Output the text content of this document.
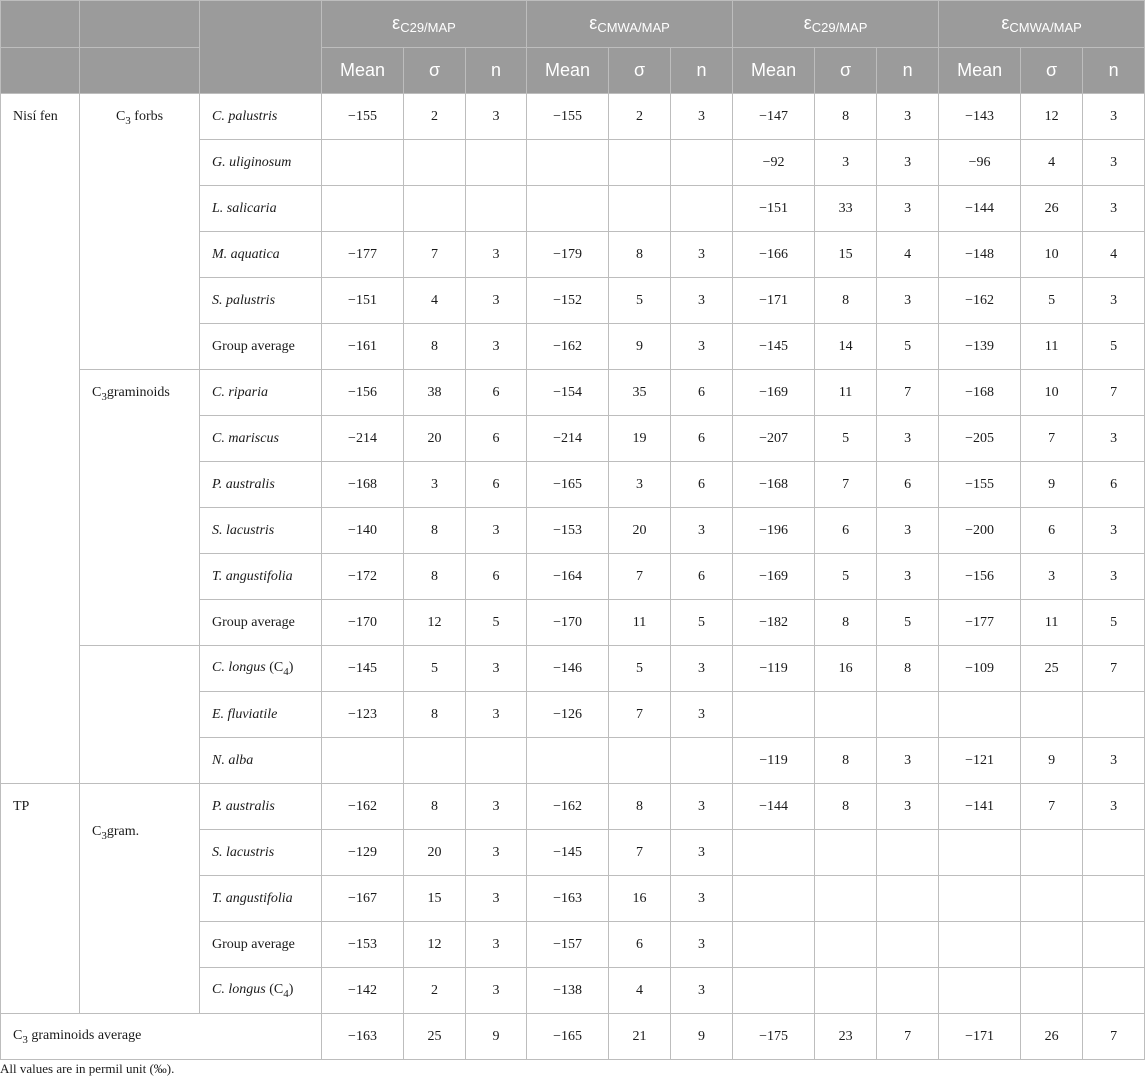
			εC29/MAP			εCMWA/MAP			εC29/MAP			εCMWA/MAP		
			Mean	σ	n	Mean	σ	n	Mean	σ	n	Mean	σ	n
Nisí fen	$C_3$ forbs	C. palustris	−155	2	3	−155	2	3	−147	8	3	−143	12	3
		G. uliginosum							−92	3	3	−96	4	3
		L. salicaria							−151	33	3	−144	26	3
		M. aquatica	−177	7	3	−179	8	3	−166	15	4	−148	10	4
		S. palustris	−151	4	3	−152	5	3	−171	8	3	−162	5	3
		Group average	−161	8	3	−162	9	3	−145	14	5	−139	11	5
	$C_3graminoids$	C. riparia	−156	38	6	−154	35	6	−169	11	7	−168	10	7
		C. mariscus	−214	20	6	−214	19	6	−207	5	3	−205	7	3
		P. australis	−168	3	6	−165	3	6	−168	7	6	−155	9	6
		S. lacustris	−140	8	3	−153	20	3	−196	6	3	−200	6	3
		T. angustifolia	−172	8	6	−164	7	6	−169	5	3	−156	3	3
		Group average	−170	12	5	−170	11	5	−182	8	5	−177	11	5
		C. longus $(C_4)$	−145	5	3	−146	5	3	−119	16	8	−109	25	7
		E. fluviatile	−123	8	3	−126	7	3						
		N. alba							−119	8	3	−121	9	3
TP	$C_3gram$.	P. australis	−162	8	3	−162	8	3	−144	8	3	−141	7	3
		S. lacustris	−129	20	3	−145	7	3						
		T. angustifolia	−167	15	3	−163	16	3						
		Group average	−153	12	3	−157	6	3						
		C. longus $(C_4)$	−142	2	3	−138	4	3						
$C_3$ graminoids average			−163	25	9	−165	21	9	−175	23	7	−171	26	7
All values are in permil unit (‰).
